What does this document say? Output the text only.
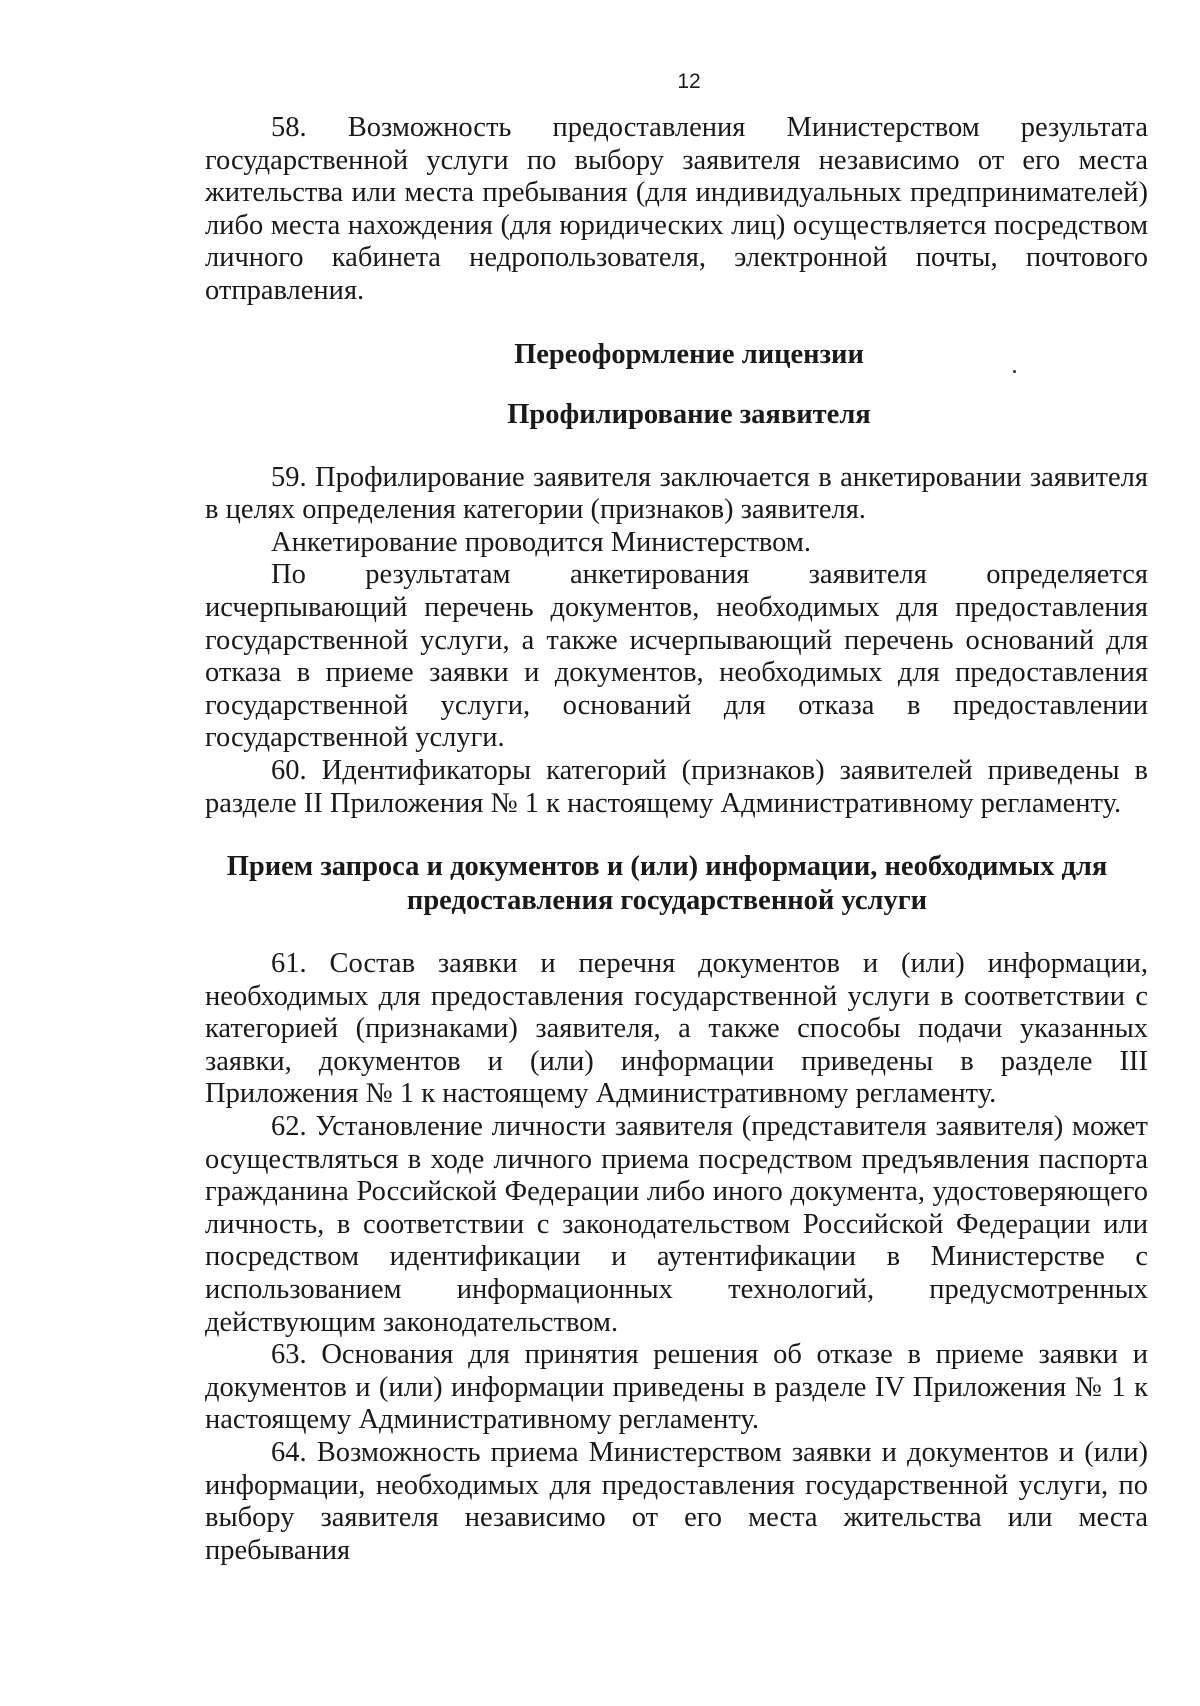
12

58. Возможность предоставления Министерством результата государственной услуги по выбору заявителя независимо от его места жительства или места пребывания (для индивидуальных предпринимателей) либо места нахождения (для юридических лиц) осуществляется посредством личного кабинета недропользователя, электронной почты, почтового отправления.

Переоформление лицензии
Профилирование заявителя

59. Профилирование заявителя заключается в анкетировании заявителя в целях определения категории (признаков) заявителя.

Анкетирование проводится Министерством.

По результатам анкетирования заявителя определяется исчерпывающий перечень документов, необходимых для предоставления государственной услуги, а также исчерпывающий перечень оснований для отказа в приеме заявки и документов, необходимых для предоставления государственной услуги, оснований для отказа в предоставлении государственной услуги.

60. Идентификаторы категорий (признаков) заявителей приведены в разделе II Приложения № 1 к настоящему Административному регламенту.

Прием запроса и документов и (или) информации, необходимых для предоставления государственной услуги

61. Состав заявки и перечня документов и (или) информации, необходимых для предоставления государственной услуги в соответствии с категорией (признаками) заявителя, а также способы подачи указанных заявки, документов и (или) информации приведены в разделе III Приложения № 1 к настоящему Административному регламенту.

62. Установление личности заявителя (представителя заявителя) может осуществляться в ходе личного приема посредством предъявления паспорта гражданина Российской Федерации либо иного документа, удостоверяющего личность, в соответствии с законодательством Российской Федерации или посредством идентификации и аутентификации в Министерстве с использованием информационных технологий, предусмотренных действующим законодательством.

63. Основания для принятия решения об отказе в приеме заявки и документов и (или) информации приведены в разделе IV Приложения № 1 к настоящему Административному регламенту.

64. Возможность приема Министерством заявки и документов и (или) информации, необходимых для предоставления государственной услуги, по выбору заявителя независимо от его места жительства или места пребывания
